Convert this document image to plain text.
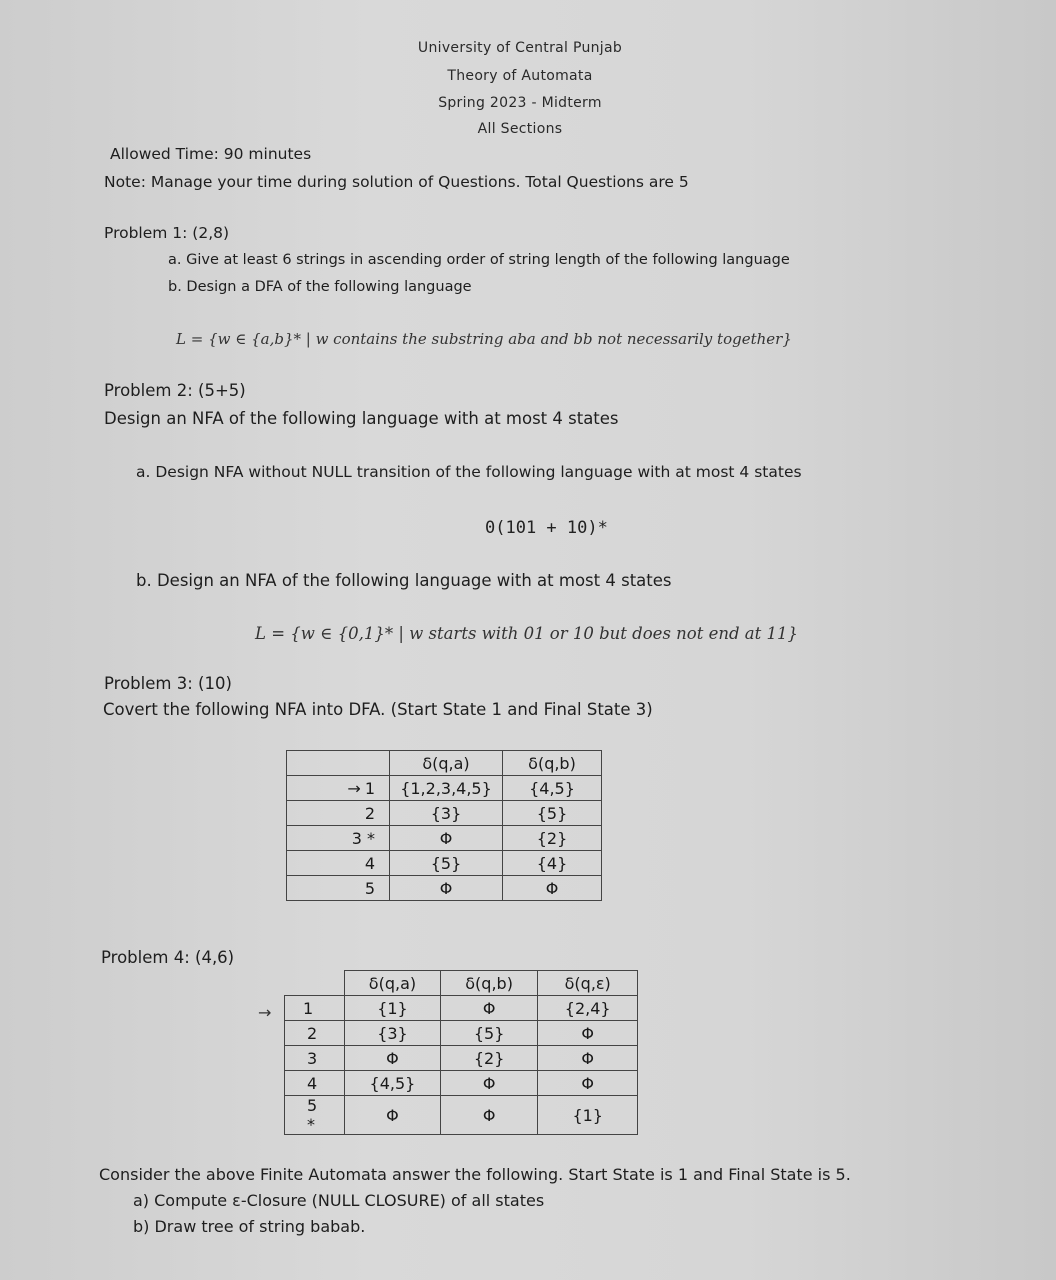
University of Central Punjab
Theory of Automata
Spring 2023 - Midterm
All Sections
Allowed Time: 90 minutes
Note: Manage your time during solution of Questions. Total Questions are 5
Problem 1: (2,8)
a. Give at least 6 strings in ascending order of string length of the following language
b. Design a DFA of the following language
L = {w ∈ {a,b}* | w contains the substring aba and bb not necessarily together}
Problem 2: (5+5)
Design an NFA of the following language with at most 4 states
a. Design NFA without NULL transition of the following language with at most 4 states
0(101 + 10)*
b. Design an NFA of the following language with at most 4 states
L = {w ∈ {0,1}* | w starts with 01 or 10 but does not end at 11}
Problem 3: (10)
Covert the following NFA into DFA. (Start State 1 and Final State 3)
	δ(q,a)	δ(q,b)
→ 1	{1,2,3,4,5}	{4,5}
2	{3}	{5}
3 *	Φ	{2}
4	{5}	{4}
5	Φ	Φ
Problem 4: (4,6)
→
	δ(q,a)	δ(q,b)	δ(q,ε)
1	{1}	Φ	{2,4}
2	{3}	{5}	Φ
3	Φ	{2}	Φ
4	{4,5}	Φ	Φ
5 *	Φ	Φ	{1}
Consider the above Finite Automata answer the following. Start State is 1 and Final State is 5.
a) Compute ε-Closure (NULL CLOSURE) of all states
b) Draw tree of string babab.
